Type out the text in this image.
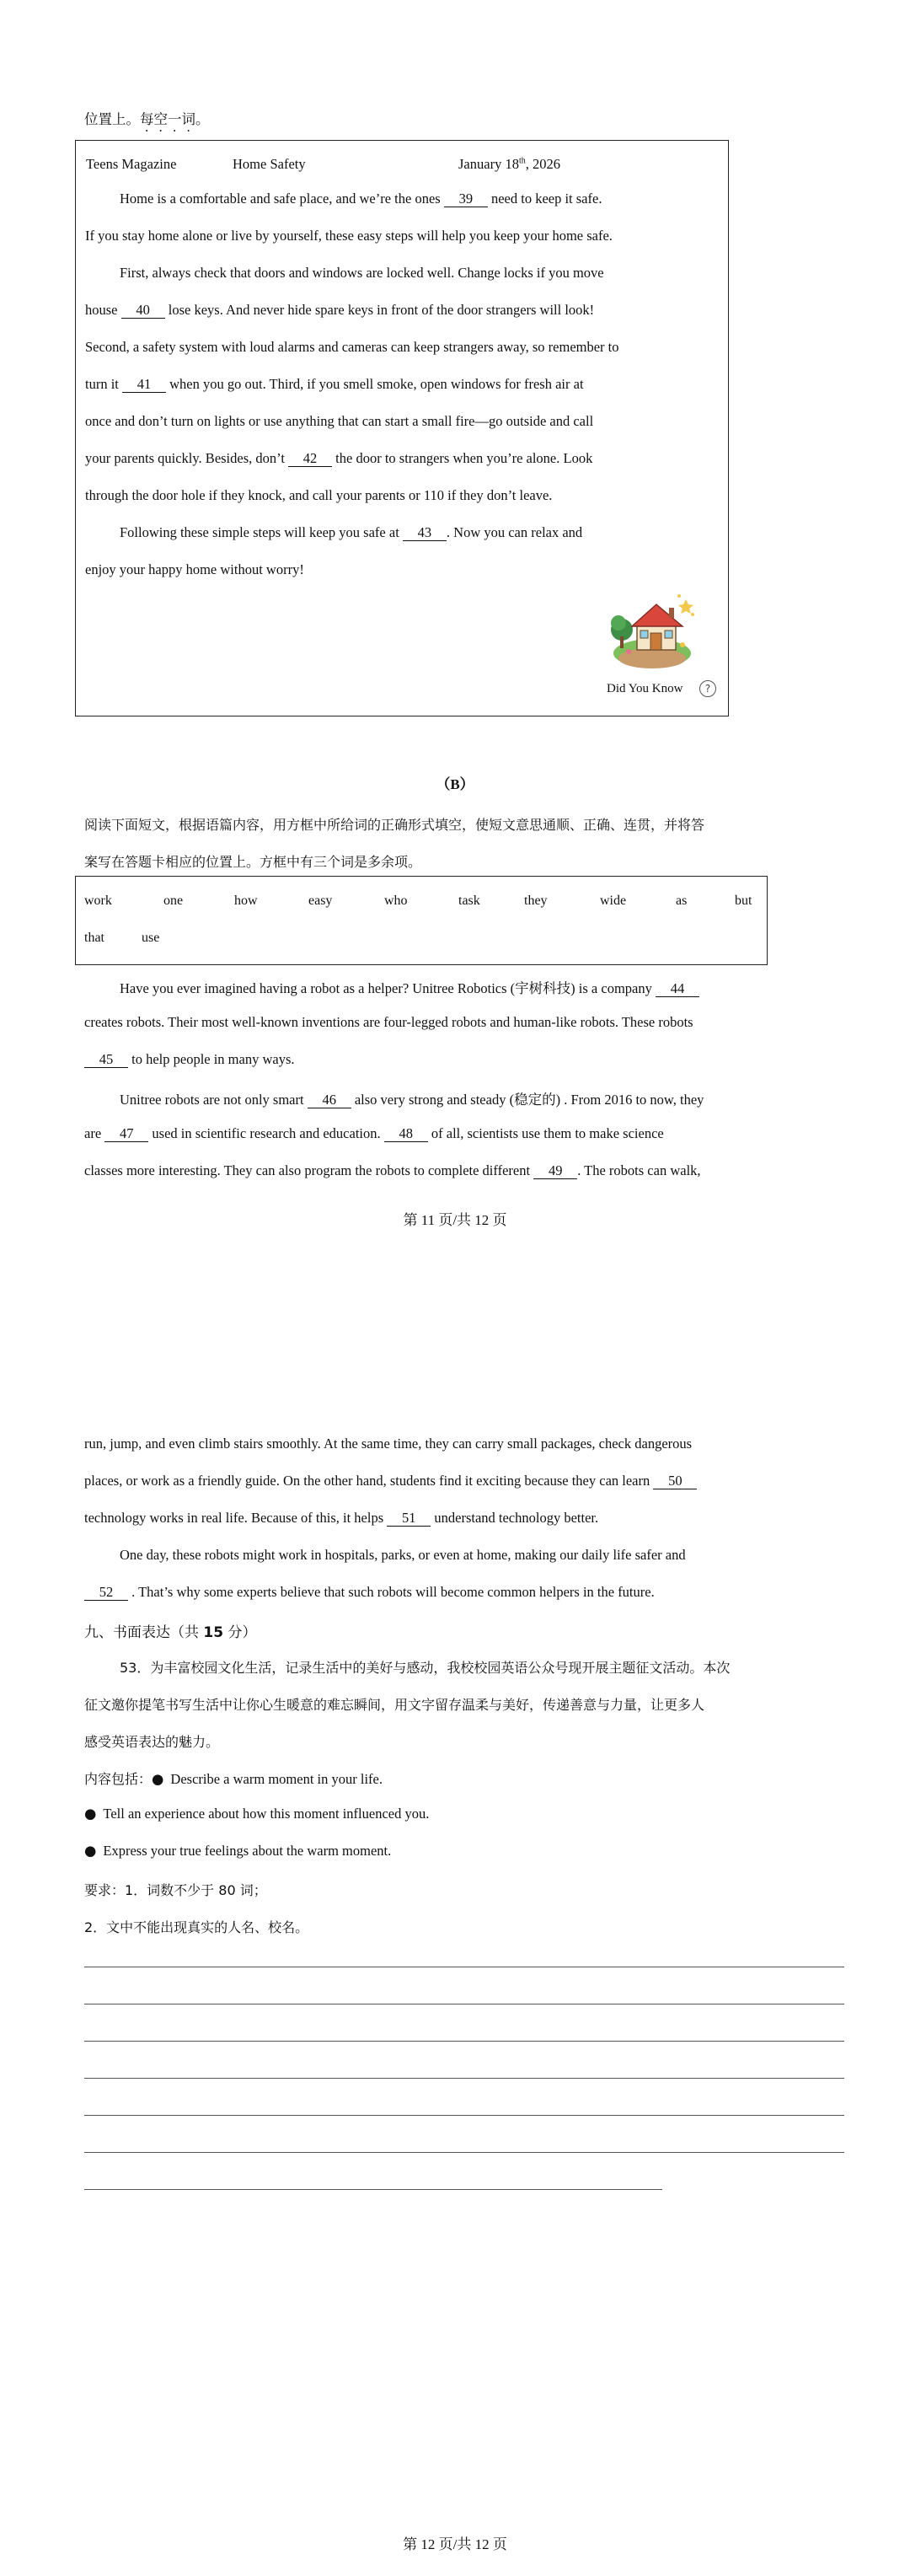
位置上。每空一词。
Teens Magazine	Home Safety	January 18th, 2026
Home is a comfortable and safe place, and we’re the ones 39 need to keep it safe.
If you stay home alone or live by yourself, these easy steps will help you keep your home safe.
First, always check that doors and windows are locked well. Change locks if you move
house 40 lose keys. And never hide spare keys in front of the door strangers will look!
Second, a safety system with loud alarms and cameras can keep strangers away, so remember to
turn it 41 when you go out. Third, if you smell smoke, open windows for fresh air at
once and don’t turn on lights or use anything that can start a small fire—go outside and call
your parents quickly. Besides, don’t 42 the door to strangers when you’re alone. Look
through the door hole if they knock, and call your parents or 110 if they don’t leave.
Following these simple steps will keep you safe at 43 . Now you can relax and
enjoy your happy home without worry!
Did You Know	?
（B）
阅读下面短文，根据语篇内容，用方框中所给词的正确形式填空，使短文意思通顺、正确、连贯，并将答
案写在答题卡相应的位置上。方框中有三个词是多余项。
work	one	how	easy	who	task	they	wide	as	but
that	use
Have you ever imagined having a robot as a helper? Unitree Robotics (宇树科技) is a company 44
creates robots. Their most well-known inventions are four-legged robots and human-like robots. These robots
45 to help people in many ways.
Unitree robots are not only smart 46 also very strong and steady (稳定的) . From 2016 to now, they
are 47 used in scientific research and education. 48 of all, scientists use them to make science
classes more interesting. They can also program the robots to complete different 49 . The robots can walk,
第 11 页/共 12 页
run, jump, and even climb stairs smoothly. At the same time, they can carry small packages, check dangerous
places, or work as a friendly guide. On the other hand, students find it exciting because they can learn 50
technology works in real life. Because of this, it helps 51 understand technology better.
One day, these robots might work in hospitals, parks, or even at home, making our daily life safer and
52 . That’s why some experts believe that such robots will become common helpers in the future.
九、书面表达（共 15 分）
53．为丰富校园文化生活，记录生活中的美好与感动，我校校园英语公众号现开展主题征文活动。本次
征文邀你提笔书写生活中让你心生暖意的难忘瞬间，用文字留存温柔与美好，传递善意与力量，让更多人
感受英语表达的魅力。
内容包括：● Describe a warm moment in your life.
● Tell an experience about how this moment influenced you.
● Express your true feelings about the warm moment.
要求：1．词数不少于 80 词；
2．文中不能出现真实的人名、校名。
第 12 页/共 12 页
